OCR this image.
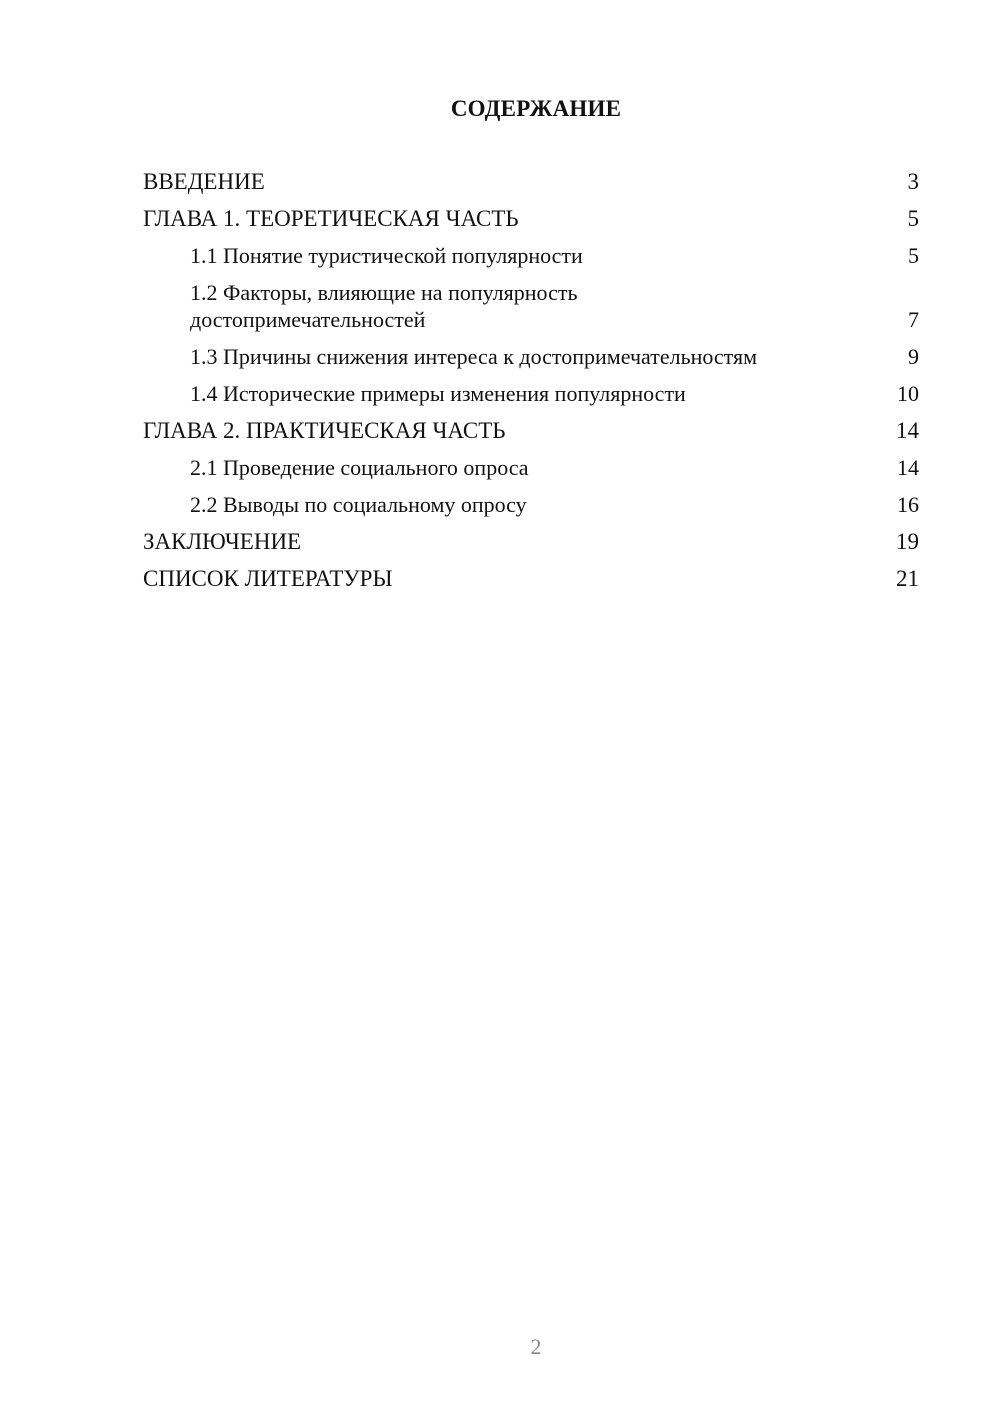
СОДЕРЖАНИЕ
ВВЕДЕНИЕ	3
ГЛАВА 1. ТЕОРЕТИЧЕСКАЯ ЧАСТЬ	5
1.1 Понятие туристической популярности	5
1.2 Факторы, влияющие на популярность достопримечательностей	7
1.3 Причины снижения интереса к достопримечательностям	9
1.4 Исторические примеры изменения популярности	10
ГЛАВА 2. ПРАКТИЧЕСКАЯ ЧАСТЬ	14
2.1 Проведение социального опроса	14
2.2 Выводы по социальному опросу	16
ЗАКЛЮЧЕНИЕ	19
СПИСОК ЛИТЕРАТУРЫ	21
2
